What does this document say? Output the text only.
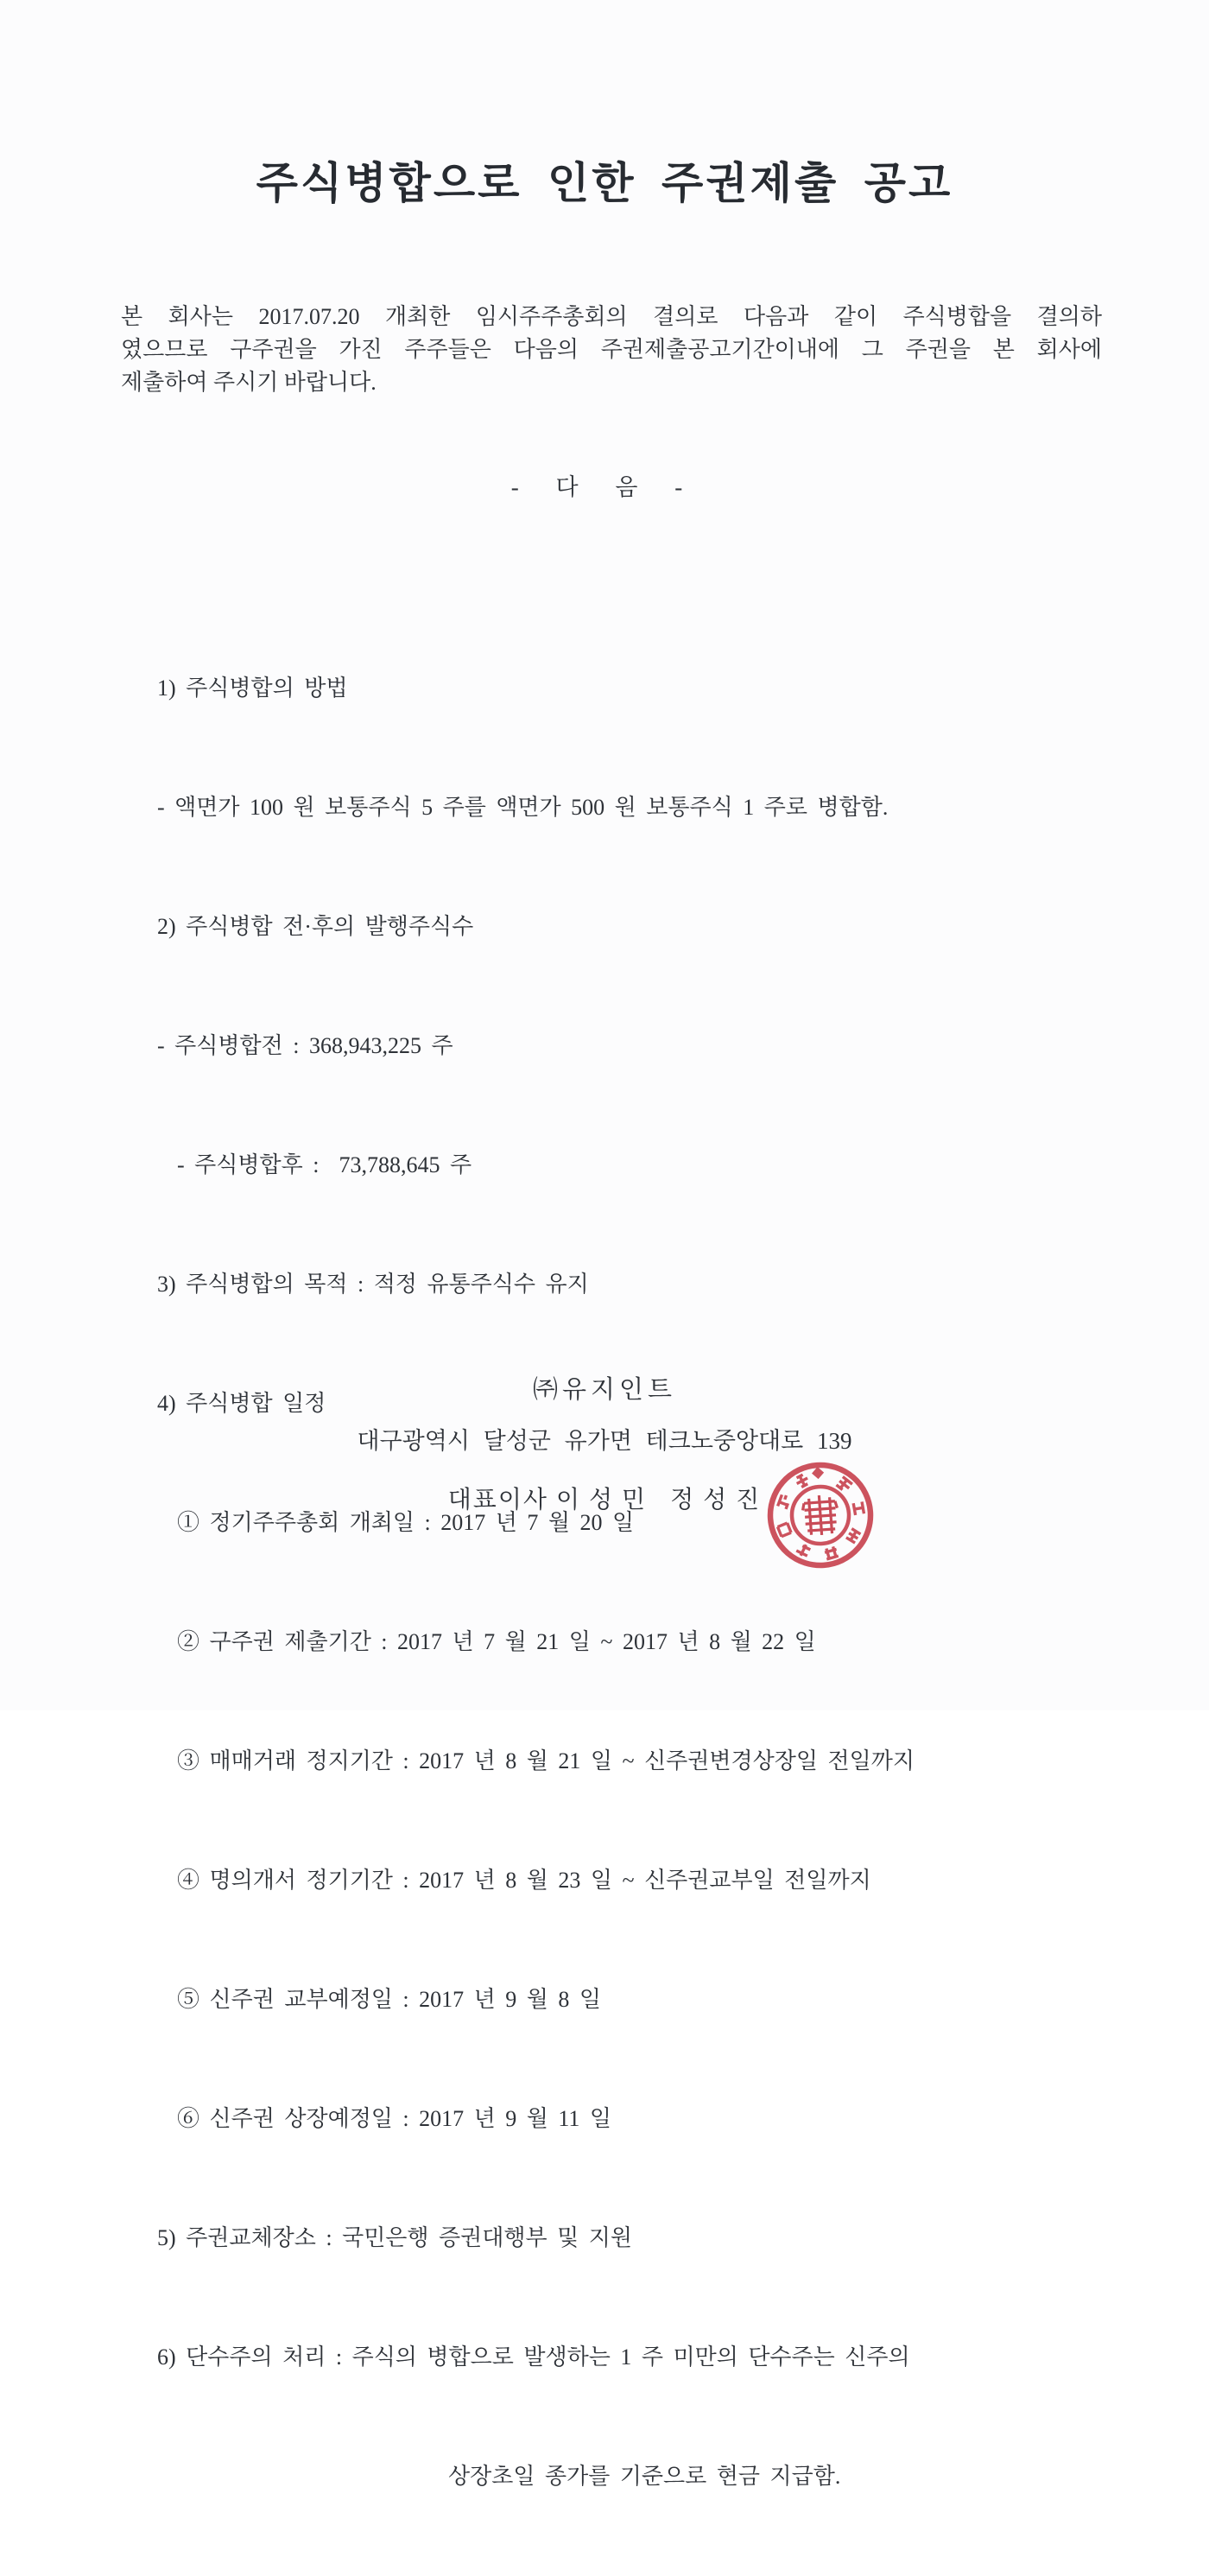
주식병합으로 인한 주권제출 공고
본 회사는 2017.07.20 개최한 임시주주총회의 결의로 다음과 같이 주식병합을 결의하
였으므로 구주권을 가진 주주들은 다음의 주권제출공고기간이내에 그 주권을 본 회사에
제출하여 주시기 바랍니다.
- 다 음 -

1) 주식병합의 방법

- 액면가 100 원 보통주식 5 주를 액면가 500 원 보통주식 1 주로 병합함.

2) 주식병합 전·후의 발행주식수

- 주식병합전 : 368,943,225 주

- 주식병합후 :  73,788,645 주

3) 주식병합의 목적 : 적정 유통주식수 유지

4) 주식병합 일정

① 정기주주총회 개최일 : 2017 년 7 월 20 일

② 구주권 제출기간 : 2017 년 7 월 21 일 ~ 2017 년 8 월 22 일

③ 매매거래 정지기간 : 2017 년 8 월 21 일 ~ 신주권변경상장일 전일까지

④ 명의개서 정기기간 : 2017 년 8 월 23 일 ~ 신주권교부일 전일까지

⑤ 신주권 교부예정일 : 2017 년 9 월 8 일

⑥ 신주권 상장예정일 : 2017 년 9 월 11 일

5) 주권교체장소 : 국민은행 증권대행부 및 지원

6) 단수주의 처리 : 주식의 병합으로 발생하는 1 주 미만의 단수주는 신주의

상장초일 종가를 기준으로 현금 지급함.

㈜유지인트
대구광역시 달성군 유가면 테크노중앙대로 139
대표이사 이 성 민   정 성 진
